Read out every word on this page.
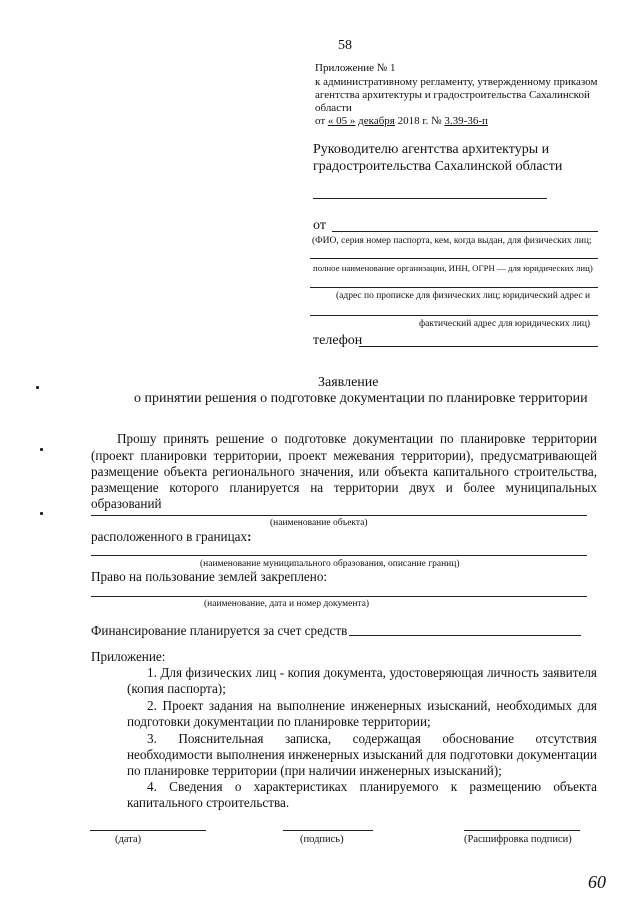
58
Приложение № 1
к административному регламенту, утвержденному приказом
агентства архитектуры и градостроительства Сахалинской
области
от « 05 » декабря 2018 г. № 3.39-36-п
Руководителю агентства архитектуры и
градостроительства Сахалинской области
от
(ФИО, серия номер паспорта, кем, когда выдан, для физических лиц;
полное наименование организации, ИНН, ОГРН — для юридических лиц)
(адрес по прописке для физических лиц; юридический адрес и
фактический адрес для юридических лиц)
телефон
Заявление
о принятии решения о подготовке документации по планировке территории
Прошу принять решение о подготовке документации по планировке территории
(проект планировки территории, проект межевания территории), предусматривающей
размещение объекта регионального значения, или объекта капитального строительства,
размещение которого планируется на территории двух и более муниципальных
образований
(наименование объекта)
расположенного в границах:
(наименование муниципального образования, описание границ)
Право на пользование землей закреплено:
(наименование, дата и номер документа)
Финансирование планируется за счет средств
Приложение:
1. Для физических лиц - копия документа, удостоверяющая личность заявителя
(копия паспорта);
2. Проект задания на выполнение инженерных изысканий, необходимых для
подготовки документации по планировке территории;
3. Пояснительная записка, содержащая обоснование отсутствия
необходимости выполнения инженерных изысканий для подготовки документации
по планировке территории (при наличии инженерных изысканий);
4. Сведения о характеристиках планируемого к размещению объекта
капитального строительства.
(дата)	(подпись)	(Расшифровка подписи)
60
